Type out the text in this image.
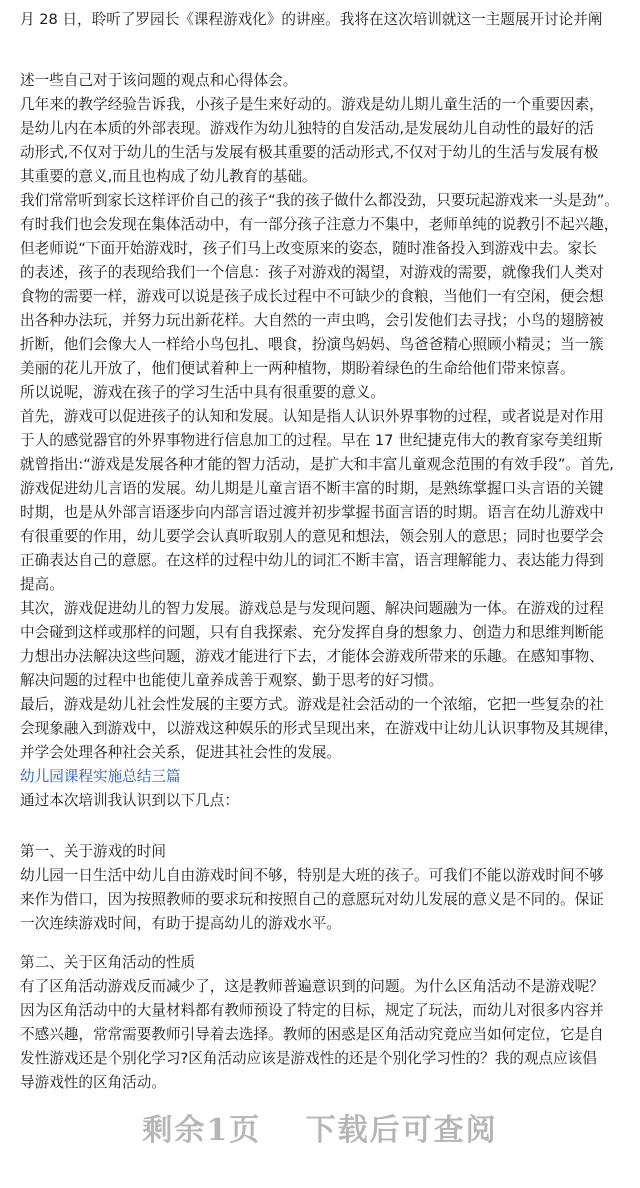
月 28 日，聆听了罗园长《课程游戏化》的讲座。我将在这次培训就这一主题展开讨论并阐
述一些自己对于该问题的观点和心得体会。
几年来的教学经验告诉我，小孩子是生来好动的。游戏是幼儿期儿童生活的一个重要因素，
是幼儿内在本质的外部表现。游戏作为幼儿独特的自发活动,是发展幼儿自动性的最好的活
动形式,不仅对于幼儿的生活与发展有极其重要的活动形式,不仅对于幼儿的生活与发展有极
其重要的意义,而且也构成了幼儿教育的基础。
我们常常听到家长这样评价自己的孩子“我的孩子做什么都没劲，只要玩起游戏来一头是劲”。
有时我们也会发现在集体活动中，有一部分孩子注意力不集中，老师单纯的说教引不起兴趣，
但老师说“下面开始游戏时，孩子们马上改变原来的姿态，随时准备投入到游戏中去。家长
的表述，孩子的表现给我们一个信息：孩子对游戏的渴望，对游戏的需要，就像我们人类对
食物的需要一样，游戏可以说是孩子成长过程中不可缺少的食粮，当他们一有空闲，便会想
出各种办法玩，并努力玩出新花样。大自然的一声虫鸣，会引发他们去寻找；小鸟的翅膀被
折断，他们会像大人一样给小鸟包扎、喂食，扮演鸟妈妈、鸟爸爸精心照顾小精灵；当一簇
美丽的花儿开放了，他们便试着种上一两种植物，期盼着绿色的生命给他们带来惊喜。
所以说呢，游戏在孩子的学习生活中具有很重要的意义。
首先，游戏可以促进孩子的认知和发展。认知是指人认识外界事物的过程，或者说是对作用
于人的感觉器官的外界事物进行信息加工的过程。早在 17 世纪捷克伟大的教育家夸美纽斯
就曾指出:“游戏是发展各种才能的智力活动，是扩大和丰富儿童观念范围的有效手段”。首先,
游戏促进幼儿言语的发展。幼儿期是儿童言语不断丰富的时期，是熟练掌握口头言语的关键
时期，也是从外部言语逐步向内部言语过渡并初步掌握书面言语的时期。语言在幼儿游戏中
有很重要的作用，幼儿要学会认真听取别人的意见和想法，领会别人的意思；同时也要学会
正确表达自己的意愿。在这样的过程中幼儿的词汇不断丰富，语言理解能力、表达能力得到
提高。
其次，游戏促进幼儿的智力发展。游戏总是与发现问题、解决问题融为一体。在游戏的过程
中会碰到这样或那样的问题，只有自我探索、充分发挥自身的想象力、创造力和思维判断能
力想出办法解决这些问题，游戏才能进行下去，才能体会游戏所带来的乐趣。在感知事物、
解决问题的过程中也能使儿童养成善于观察、勤于思考的好习惯。
最后，游戏是幼儿社会性发展的主要方式。游戏是社会活动的一个浓缩，它把一些复杂的社
会现象融入到游戏中，以游戏这种娱乐的形式呈现出来，在游戏中让幼儿认识事物及其规律，
并学会处理各种社会关系，促进其社会性的发展。
幼儿园课程实施总结三篇
通过本次培训我认识到以下几点：
第一、关于游戏的时间
幼儿园一日生活中幼儿自由游戏时间不够，特别是大班的孩子。可我们不能以游戏时间不够
来作为借口，因为按照教师的要求玩和按照自己的意愿玩对幼儿发展的意义是不同的。保证
一次连续游戏时间，有助于提高幼儿的游戏水平。
第二、关于区角活动的性质
有了区角活动游戏反而减少了，这是教师普遍意识到的问题。为什么区角活动不是游戏呢？
因为区角活动中的大量材料都有教师预设了特定的目标，规定了玩法，而幼儿对很多内容并
不感兴趣，常常需要教师引导着去选择。教师的困惑是区角活动究竟应当如何定位，它是自
发性游戏还是个别化学习?区角活动应该是游戏性的还是个别化学习性的？我的观点应该倡
导游戏性的区角活动。
剩余1页 下载后可查阅
